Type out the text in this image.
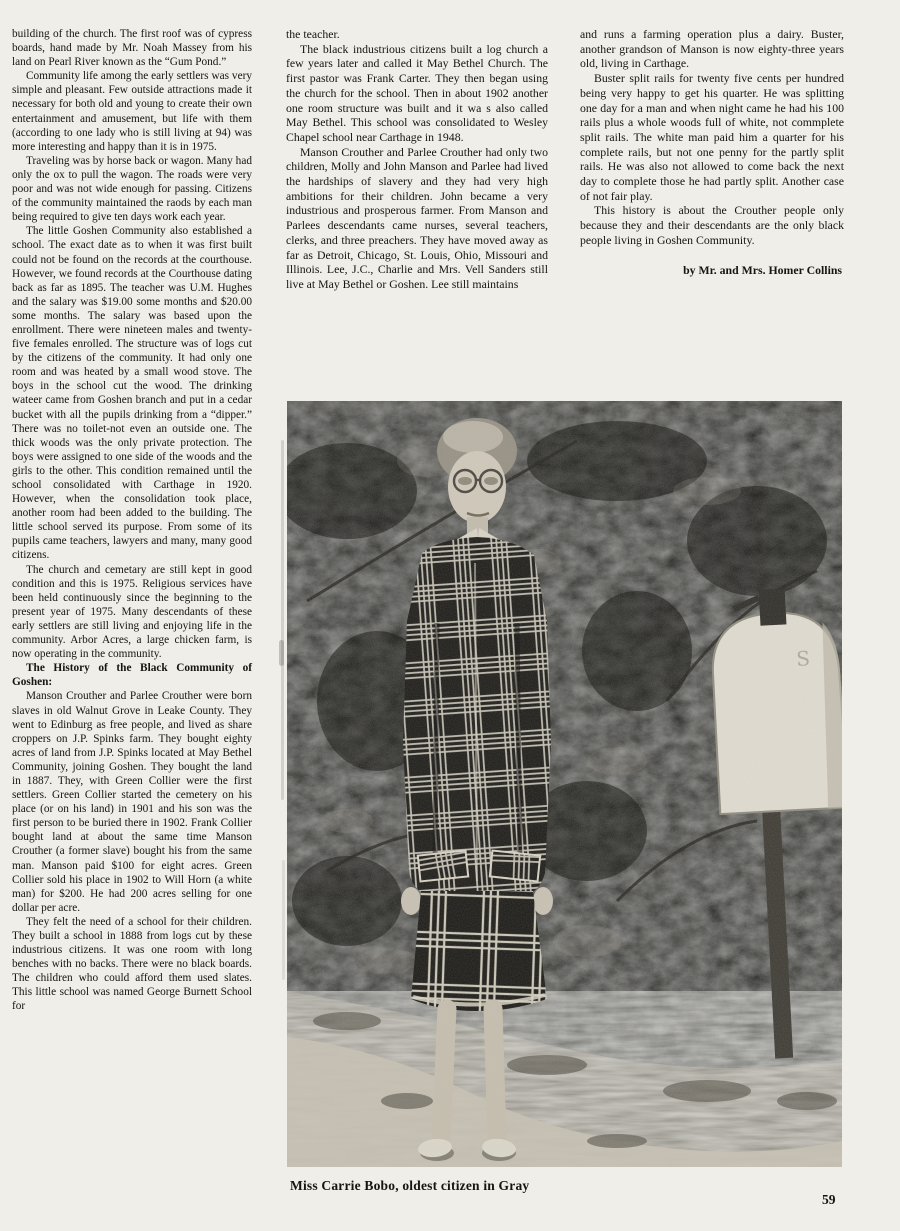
building of the church. The first roof was of cypress boards, hand made by Mr. Noah Massey from his land on Pearl River known as the “Gum Pond.”

Community life among the early settlers was very simple and pleasant. Few outside attractions made it necessary for both old and young to create their own entertainment and amusement, but life with them (according to one lady who is still living at 94) was more interesting and happy than it is in 1975.

Traveling was by horse back or wagon. Many had only the ox to pull the wagon. The roads were very poor and was not wide enough for passing. Citizens of the community maintained the raods by each man being required to give ten days work each year.

The little Goshen Community also established a school. The exact date as to when it was first built could not be found on the records at the courthouse. However, we found records at the Courthouse dating back as far as 1895. The teacher was U.M. Hughes and the salary was $19.00 some months and $20.00 some months. The salary was based upon the enrollment. There were nineteen males and twenty-five females enrolled. The structure was of logs cut by the citizens of the community. It had only one room and was heated by a small wood stove. The boys in the school cut the wood. The drinking wateer came from Goshen branch and put in a cedar bucket with all the pupils drinking from a “dipper.” There was no toilet-not even an outside one. The thick woods was the only private protection. The boys were assigned to one side of the woods and the girls to the other. This condition remained until the school consolidated with Carthage in 1920. However, when the consolidation took place, another room had been added to the building. The little school served its purpose. From some of its pupils came teachers, lawyers and many, many good citizens.

The church and cemetary are still kept in good condition and this is 1975. Religious services have been held continuously since the beginning to the present year of 1975. Many descendants of these early settlers are still living and enjoying life in the community. Arbor Acres, a large chicken farm, is now operating in the community.

The History of the Black Community of Goshen:

Manson Crouther and Parlee Crouther were born slaves in old Walnut Grove in Leake County. They went to Edinburg as free people, and lived as share croppers on J.P. Spinks farm. They bought eighty acres of land from J.P. Spinks located at May Bethel Community, joining Goshen. They bought the land in 1887. They, with Green Collier were the first settlers. Green Collier started the cemetery on his place (or on his land) in 1901 and his son was the first person to be buried there in 1902. Frank Collier bought land at about the same time Manson Crouther (a former slave) bought his from the same man. Manson paid $100 for eight acres. Green Collier sold his place in 1902 to Will Horn (a white man) for $200. He had 200 acres selling for one dollar per acre.

They felt the need of a school for their children. They built a school in 1888 from logs cut by these industrious citizens. It was one room with long benches with no backs. There were no black boards. The children who could afford them used slates. This little school was named George Burnett School for

the teacher.

The black industrious citizens built a log church a few years later and called it May Bethel Church. The first pastor was Frank Carter. They then began using the church for the school. Then in about 1902 another one room structure was built and it wa s also called May Bethel. This school was consolidated to Wesley Chapel school near Carthage in 1948.

Manson Crouther and Parlee Crouther had only two children, Molly and John Manson and Parlee had lived the hardships of slavery and they had very high ambitions for their children. John became a very industrious and prosperous farmer. From Manson and Parlees descendants came nurses, several teachers, clerks, and three preachers. They have moved away as far as Detroit, Chicago, St. Louis, Ohio, Missouri and Illinois. Lee, J.C., Charlie and Mrs. Vell Sanders still live at May Bethel or Goshen. Lee still maintains

and runs a farming operation plus a dairy. Buster, another grandson of Manson is now eighty-three years old, living in Carthage.

Buster split rails for twenty five cents per hundred being very happy to get his quarter. He was splitting one day for a man and when night came he had his 100 rails plus a whole woods full of white, not commplete split rails. The white man paid him a quarter for his complete rails, but not one penny for the partly split rails. He was also not allowed to come back the next day to complete those he had partly split. Another case of not fair play.

This history is about the Crouther people only because they and their descendants are the only black people living in Goshen Community.

by Mr. and Mrs. Homer Collins

Miss Carrie Bobo, oldest citizen in Gray
59
